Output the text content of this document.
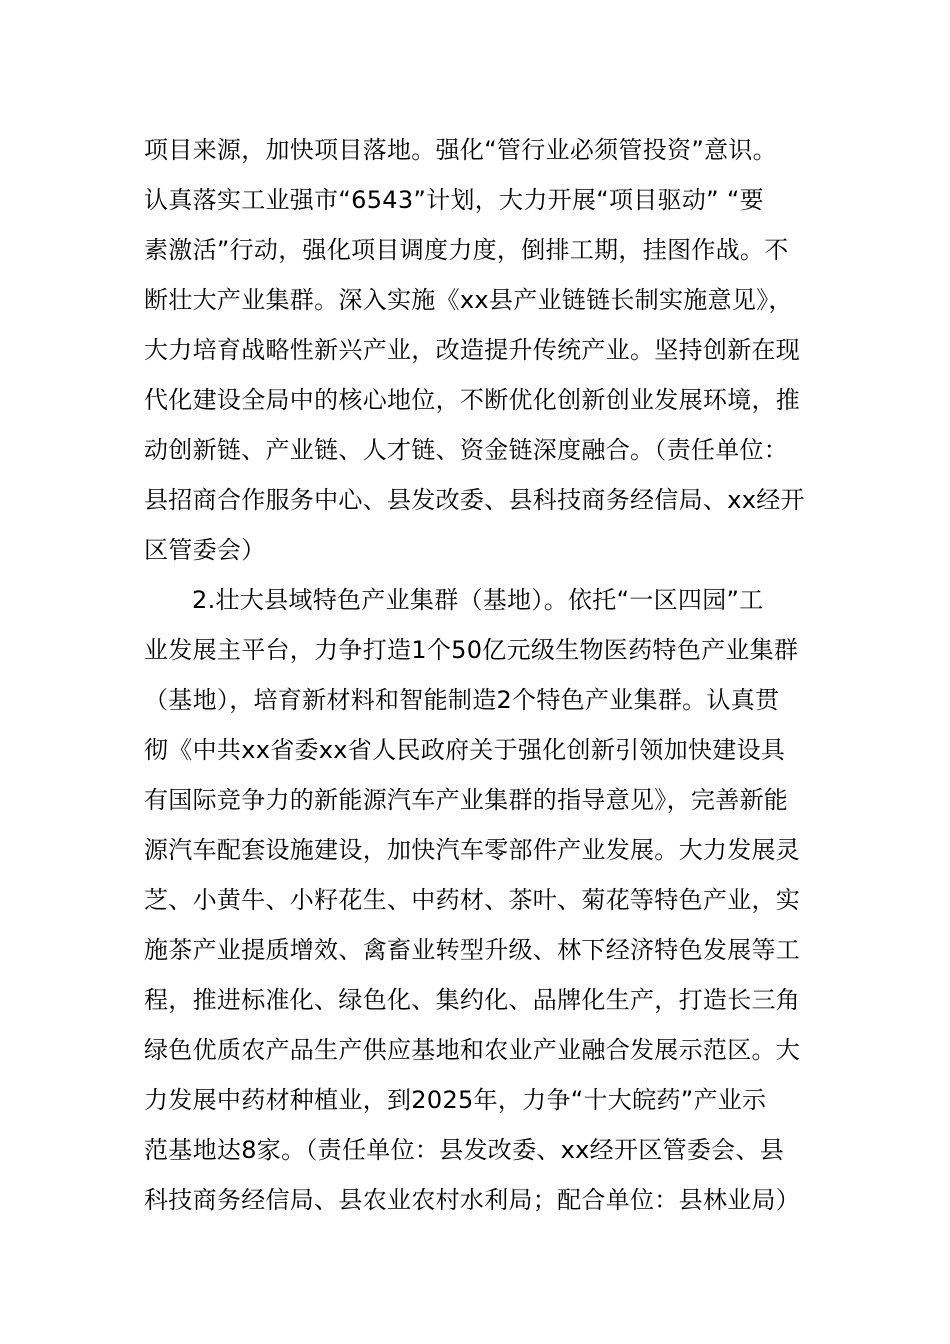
项目来源，加快项目落地。强化“管行业必须管投资”意识。
认真落实工业强市“6543”计划，大力开展“项目驱动” “要
素激活”行动，强化项目调度力度，倒排工期，挂图作战。不
断壮大产业集群。深入实施《xx县产业链链长制实施意见》，
大力培育战略性新兴产业，改造提升传统产业。坚持创新在现
代化建设全局中的核心地位，不断优化创新创业发展环境，推
动创新链、产业链、人才链、资金链深度融合。（责任单位：
县招商合作服务中心、县发改委、县科技商务经信局、xx经开
区管委会）
2.壮大县域特色产业集群（基地）。依托“一区四园”工
业发展主平台，力争打造1个50亿元级生物医药特色产业集群
（基地），培育新材料和智能制造2个特色产业集群。认真贯
彻《中共xx省委xx省人民政府关于强化创新引领加快建设具
有国际竞争力的新能源汽车产业集群的指导意见》，完善新能
源汽车配套设施建设，加快汽车零部件产业发展。大力发展灵
芝、小黄牛、小籽花生、中药材、茶叶、菊花等特色产业，实
施茶产业提质增效、禽畜业转型升级、林下经济特色发展等工
程，推进标准化、绿色化、集约化、品牌化生产，打造长三角
绿色优质农产品生产供应基地和农业产业融合发展示范区。大
力发展中药材种植业，到2025年，力争“十大皖药”产业示
范基地达8家。（责任单位：县发改委、xx经开区管委会、县
科技商务经信局、县农业农村水利局；配合单位：县林业局）
